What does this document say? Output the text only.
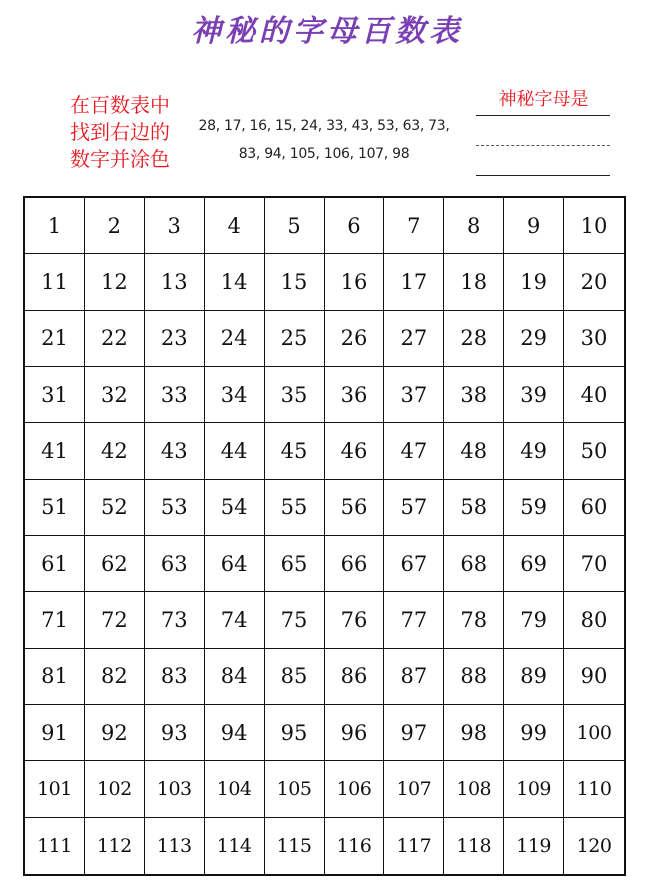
神秘的字母百数表
在百数表中
找到右边的
数字并涂色
28, 17, 16, 15, 24, 33, 43, 53, 63, 73,
83, 94, 105, 106, 107, 98
神秘字母是
1	2	3	4	5	6	7	8	9	10
11	12	13	14	15	16	17	18	19	20
21	22	23	24	25	26	27	28	29	30
31	32	33	34	35	36	37	38	39	40
41	42	43	44	45	46	47	48	49	50
51	52	53	54	55	56	57	58	59	60
61	62	63	64	65	66	67	68	69	70
71	72	73	74	75	76	77	78	79	80
81	82	83	84	85	86	87	88	89	90
91	92	93	94	95	96	97	98	99	100
101	102	103	104	105	106	107	108	109	110
111	112	113	114	115	116	117	118	119	120
